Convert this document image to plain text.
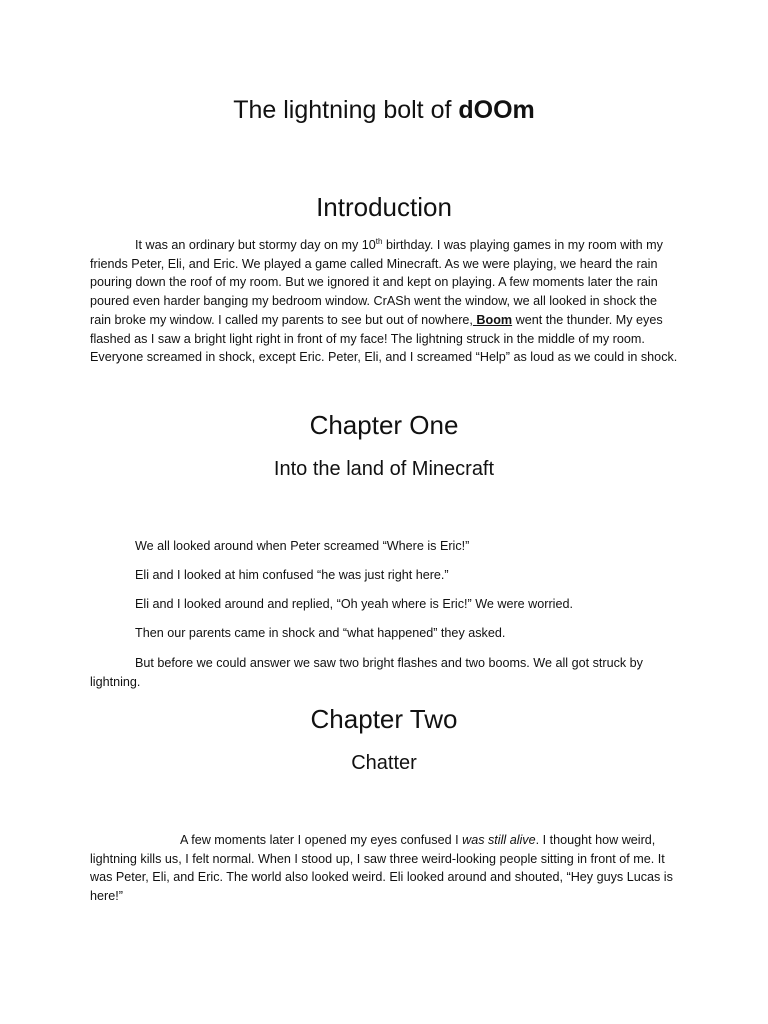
The lightning bolt of dOOm
Introduction

It was an ordinary but stormy day on my 10th birthday. I was playing games in my room with my
friends Peter, Eli, and Eric. We played a game called Minecraft. As we were playing, we heard the rain
pouring down the roof of my room. But we ignored it and kept on playing. A few moments later the rain
poured even harder banging my bedroom window. CrASh went the window, we all looked in shock the
rain broke my window. I called my parents to see but out of nowhere, Boom went the thunder. My eyes
flashed as I saw a bright light right in front of my face! The lightning struck in the middle of my room.
Everyone screamed in shock, except Eric. Peter, Eli, and I screamed “Help” as loud as we could in shock.

Chapter One
Into the land of Minecraft

We all looked around when Peter screamed “Where is Eric!”

Eli and I looked at him confused “he was just right here.”

Eli and I looked around and replied, “Oh yeah where is Eric!” We were worried.

Then our parents came in shock and “what happened” they asked.

But before we could answer we saw two bright flashes and two booms. We all got struck by
lightning.

Chapter Two
Chatter

A few moments later I opened my eyes confused I was still alive. I thought how weird,
lightning kills us, I felt normal. When I stood up, I saw three weird-looking people sitting in front of me. It
was Peter, Eli, and Eric. The world also looked weird. Eli looked around and shouted, “Hey guys Lucas is
here!”
